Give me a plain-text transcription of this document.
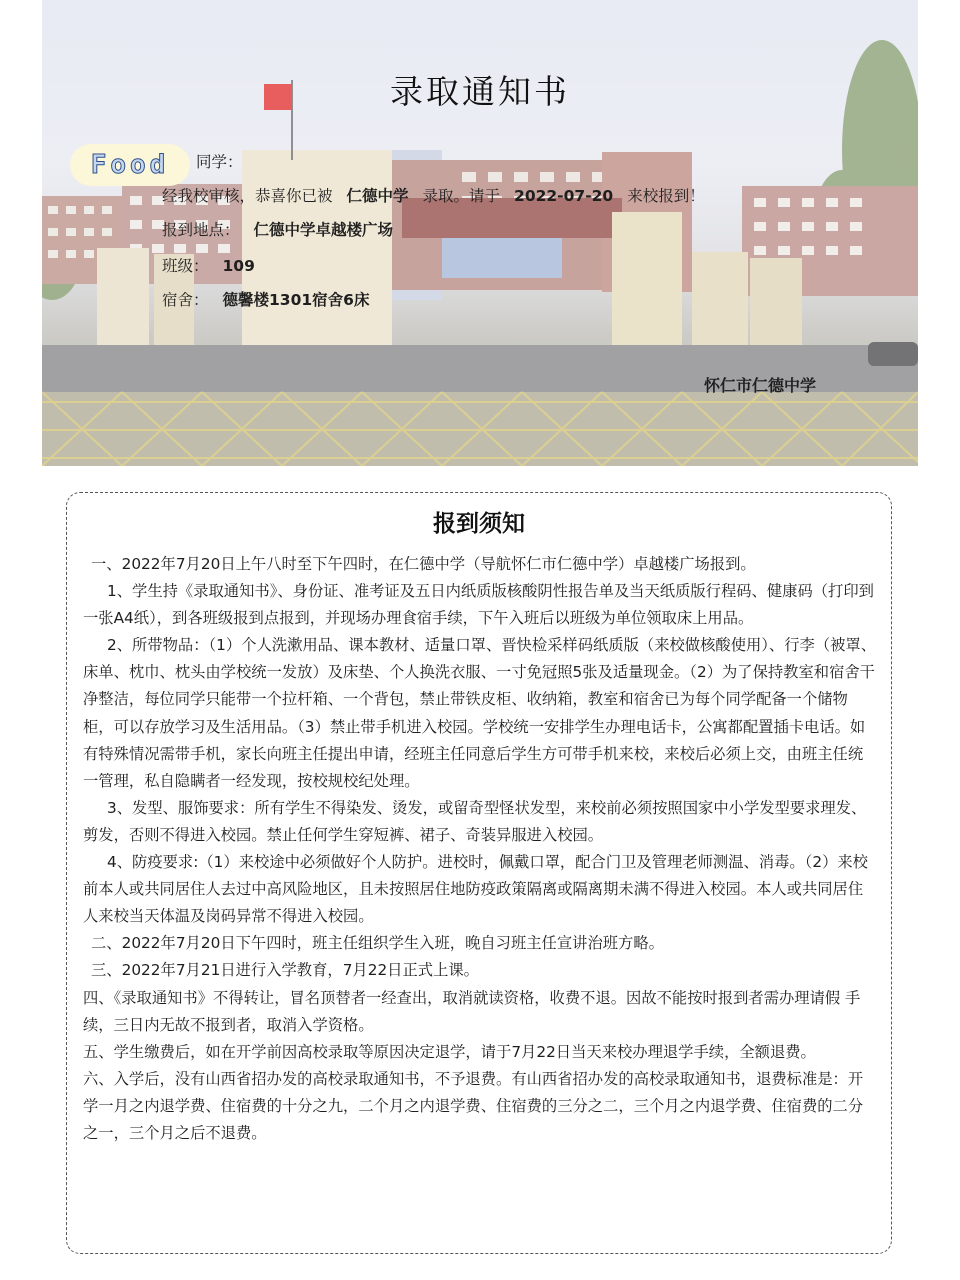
录取通知书
Food	同学：
经我校审核，恭喜你已被 仁德中学 录取。请于 2022-07-20 来校报到！
报到地点： 仁德中学卓越楼广场
班级： 109
宿舍： 德馨楼1301宿舍6床
怀仁市仁德中学
报到须知

一、2022年7月20日上午八时至下午四时，在仁德中学（导航怀仁市仁德中学）卓越楼广场报到。

1、学生持《录取通知书》、身份证、准考证及五日内纸质版核酸阴性报告单及当天纸质版行程码、健康码（打印到一张A4纸），到各班级报到点报到，并现场办理食宿手续，下午入班后以班级为单位领取床上用品。

2、所带物品：（1）个人洗漱用品、课本教材、适量口罩、晋快检采样码纸质版（来校做核酸使用）、行李（被罩、床单、枕巾、枕头由学校统一发放）及床垫、个人换洗衣服、一寸免冠照5张及适量现金。（2）为了保持教室和宿舍干净整洁，每位同学只能带一个拉杆箱、一个背包，禁止带铁皮柜、收纳箱，教室和宿舍已为每个同学配备一个储物柜，可以存放学习及生活用品。（3）禁止带手机进入校园。学校统一安排学生办理电话卡，公寓都配置插卡电话。如有特殊情况需带手机，家长向班主任提出申请，经班主任同意后学生方可带手机来校，来校后必须上交，由班主任统一管理，私自隐瞒者一经发现，按校规校纪处理。

3、发型、服饰要求：所有学生不得染发、烫发，或留奇型怪状发型，来校前必须按照国家中小学发型要求理发、剪发，否则不得进入校园。禁止任何学生穿短裤、裙子、奇装异服进入校园。

4、防疫要求:（1）来校途中必须做好个人防护。进校时，佩戴口罩，配合门卫及管理老师测温、消毒。（2）来校前本人或共同居住人去过中高风险地区，且未按照居住地防疫政策隔离或隔离期未满不得进入校园。本人或共同居住人来校当天体温及岗码异常不得进入校园。

二、2022年7月20日下午四时，班主任组织学生入班，晚自习班主任宣讲治班方略。

三、2022年7月21日进行入学教育，7月22日正式上课。

四、《录取通知书》不得转让，冒名顶替者一经查出，取消就读资格，收费不退。因故不能按时报到者需办理请假 手续，三日内无故不报到者，取消入学资格。

五、学生缴费后，如在开学前因高校录取等原因决定退学，请于7月22日当天来校办理退学手续，全额退费。

六、入学后，没有山西省招办发的高校录取通知书，不予退费。有山西省招办发的高校录取通知书，退费标准是：开学一月之内退学费、住宿费的十分之九，二个月之内退学费、住宿费的三分之二，三个月之内退学费、住宿费的二分之一，三个月之后不退费。
